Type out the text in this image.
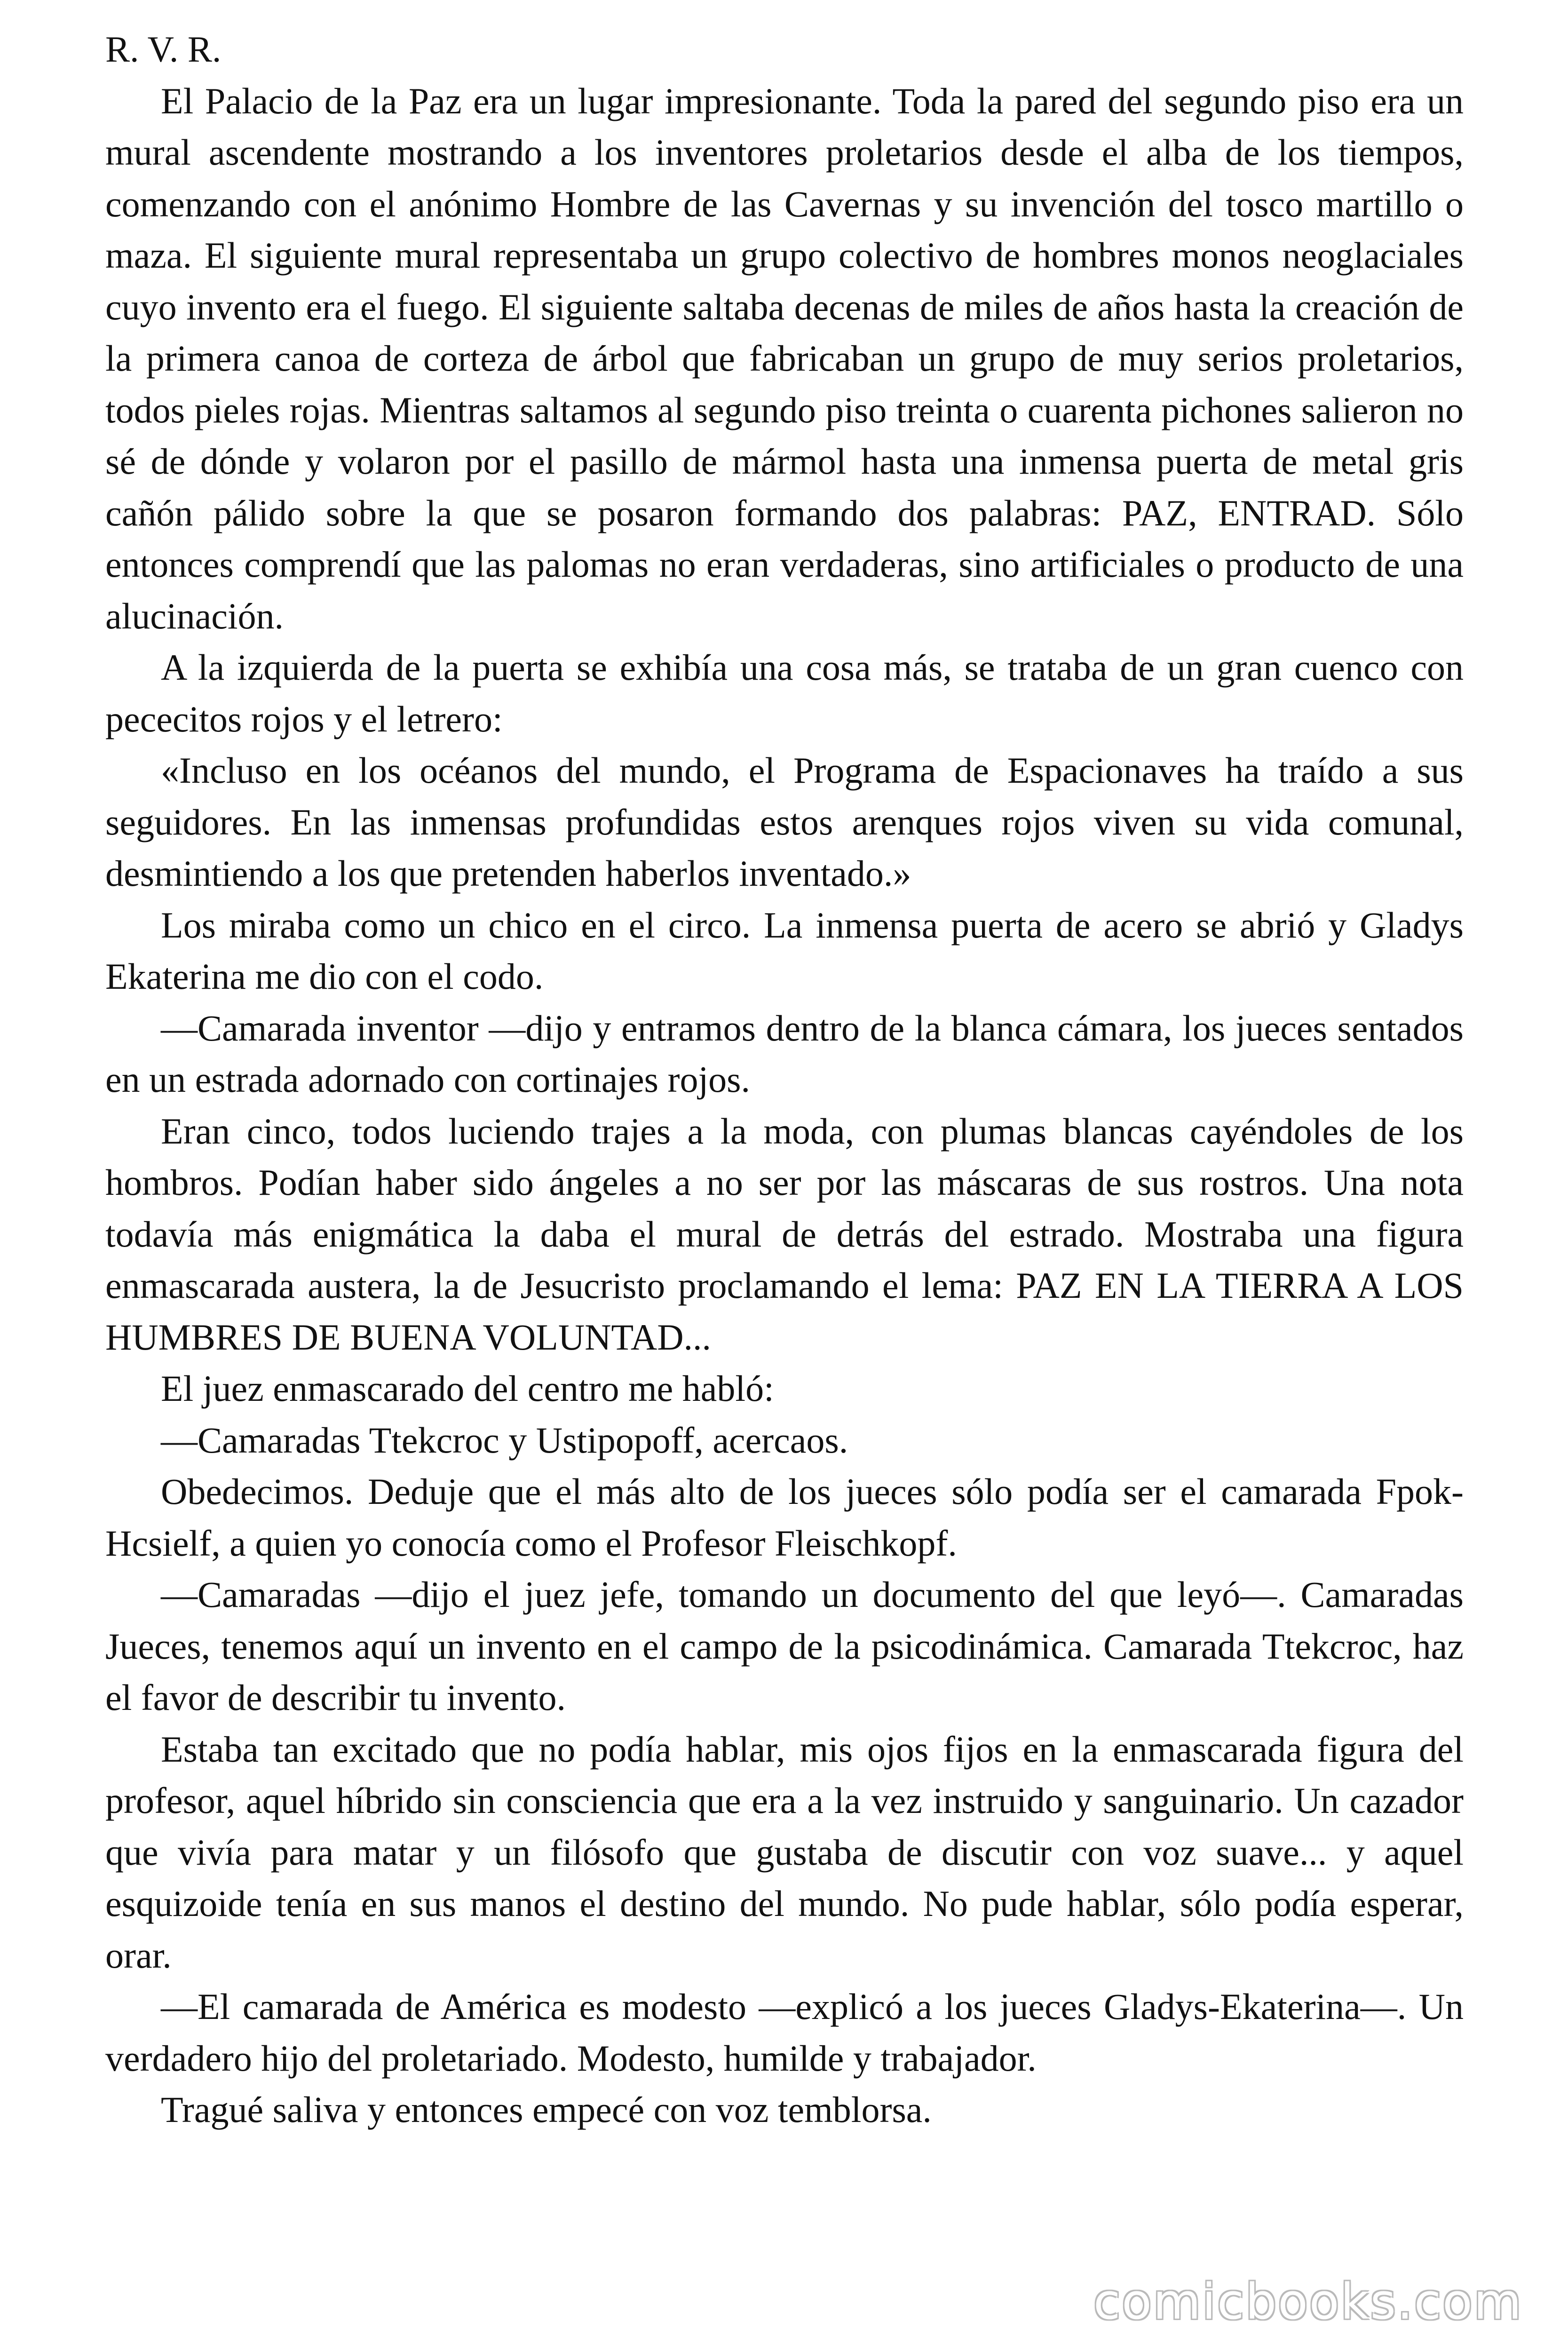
R. V. R.

El Palacio de la Paz era un lugar impresionante. Toda la pared del segundo piso era un mural ascendente mostrando a los inventores proletarios desde el alba de los tiempos, comenzando con el anónimo Hombre de las Cavernas y su invención del tosco martillo o maza. El siguiente mural representaba un grupo colectivo de hombres monos neoglaciales cuyo invento era el fuego. El siguiente saltaba decenas de miles de años hasta la creación de la primera canoa de corteza de árbol que fabricaban un grupo de muy serios proletarios, todos pieles rojas. Mientras saltamos al segundo piso treinta o cuarenta pichones salieron no sé de dónde y volaron por el pasillo de mármol hasta una inmensa puerta de metal gris cañón pálido sobre la que se posaron formando dos palabras: PAZ, ENTRAD. Sólo entonces comprendí que las palomas no eran verdaderas, sino artificiales o producto de una alucinación.

A la izquierda de la puerta se exhibía una cosa más, se trataba de un gran cuenco con pececitos rojos y el letrero:

«Incluso en los océanos del mundo, el Programa de Espacionaves ha traído a sus seguidores. En las inmensas profundidas estos arenques rojos viven su vida comunal, desmintiendo a los que pretenden haberlos inventado.»

Los miraba como un chico en el circo. La inmensa puerta de acero se abrió y Gladys Ekaterina me dio con el codo.

—Camarada inventor —dijo y entramos dentro de la blanca cámara, los jueces sentados en un estrada adornado con cortinajes rojos.

Eran cinco, todos luciendo trajes a la moda, con plumas blancas cayéndoles de los hombros. Podían haber sido ángeles a no ser por las máscaras de sus rostros. Una nota todavía más enigmática la daba el mural de detrás del estrado. Mostraba una figura enmascarada austera, la de Jesucristo proclamando el lema: PAZ EN LA TIERRA A LOS HUMBRES DE BUENA VOLUNTAD...

El juez enmascarado del centro me habló:

—Camaradas Ttekcroc y Ustipopoff, acercaos.

Obedecimos. Deduje que el más alto de los jueces sólo podía ser el camarada Fpok-Hcsielf, a quien yo conocía como el Profesor Fleischkopf.

—Camaradas —dijo el juez jefe, tomando un documento del que leyó—. Camaradas Jueces, tenemos aquí un invento en el campo de la psicodinámica. Camarada Ttekcroc, haz el favor de describir tu invento.

Estaba tan excitado que no podía hablar, mis ojos fijos en la enmascarada figura del profesor, aquel híbrido sin consciencia que era a la vez instruido y sanguinario. Un cazador que vivía para matar y un filósofo que gustaba de discutir con voz suave... y aquel esquizoide tenía en sus manos el destino del mundo. No pude hablar, sólo podía esperar, orar.

—El camarada de América es modesto —explicó a los jueces Gladys-Ekaterina—. Un verdadero hijo del proletariado. Modesto, humilde y trabajador.

Tragué saliva y entonces empecé con voz temblorsa.

comicbooks.com
